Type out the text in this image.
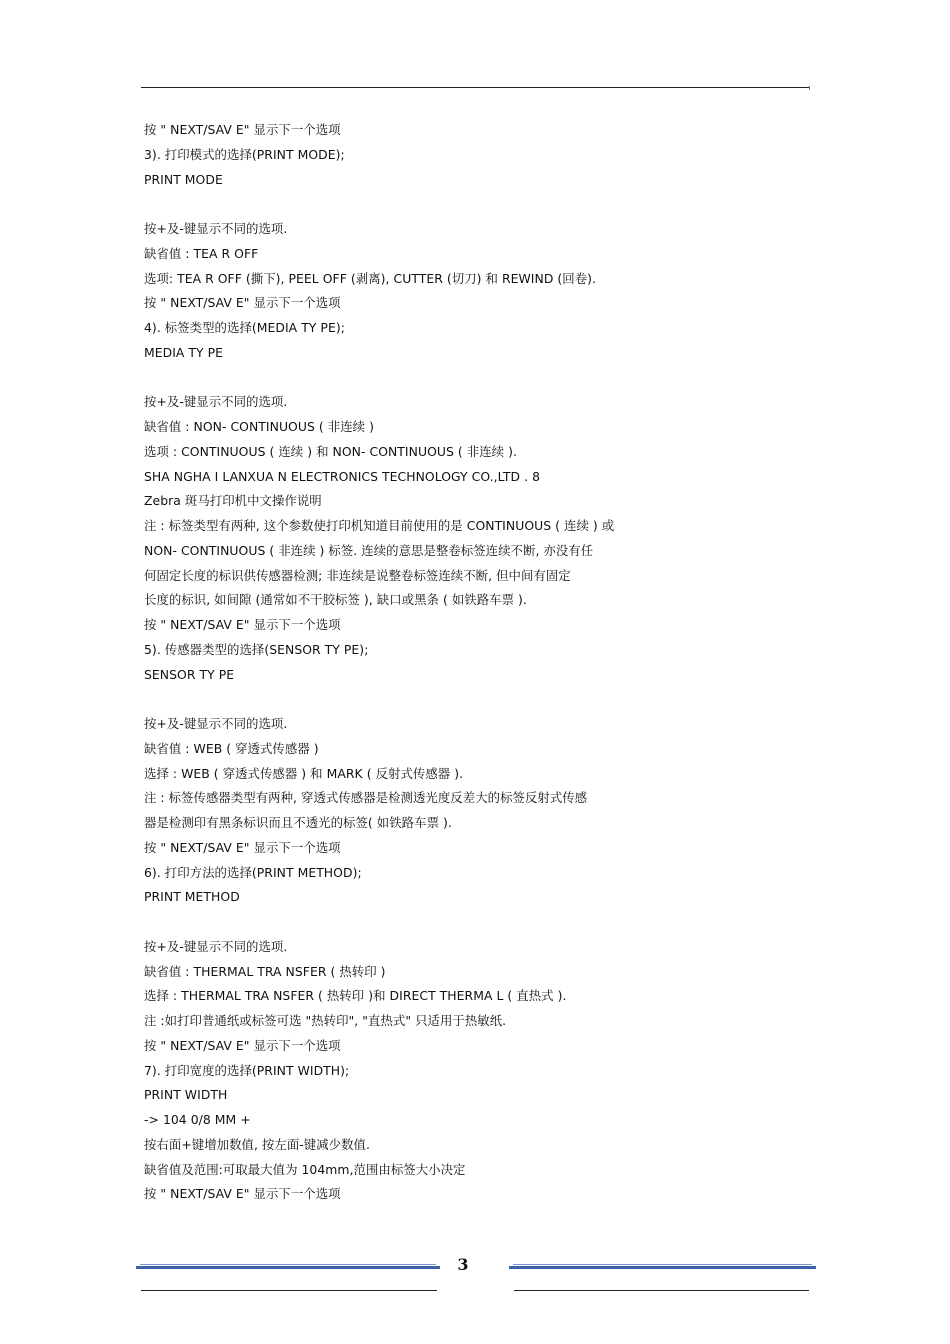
按 " NEXT/SAV E" 显示下一个选项
3). 打印模式的选择(PRINT MODE);
PRINT MODE
按+及-键显示不同的选项.
缺省值 : TEA R OFF
选项: TEA R OFF (撕下), PEEL OFF (剥离), CUTTER (切刀) 和 REWIND (回卷).
按 " NEXT/SAV E" 显示下一个选项
4). 标签类型的选择(MEDIA TY PE);
MEDIA TY PE
按+及-键显示不同的选项.
缺省值 : NON- CONTINUOUS ( 非连续 )
选项 : CONTINUOUS ( 连续 ) 和 NON- CONTINUOUS ( 非连续 ).
SHA NGHA I LANXUA N ELECTRONICS TECHNOLOGY CO.,LTD . 8
Zebra 斑马打印机中文操作说明
注 : 标签类型有两种, 这个参数使打印机知道目前使用的是 CONTINUOUS ( 连续 ) 或
NON- CONTINUOUS ( 非连续 ) 标签. 连续的意思是整卷标签连续不断, 亦没有任
何固定长度的标识供传感器检测; 非连续是说整卷标签连续不断, 但中间有固定
长度的标识, 如间隙 (通常如不干胶标签 ), 缺口或黑条 ( 如铁路车票 ).
按 " NEXT/SAV E" 显示下一个选项
5). 传感器类型的选择(SENSOR TY PE);
SENSOR TY PE
按+及-键显示不同的选项.
缺省值 : WEB ( 穿透式传感器 )
选择 : WEB ( 穿透式传感器 ) 和 MARK ( 反射式传感器 ).
注 : 标签传感器类型有两种, 穿透式传感器是检测透光度反差大的标签反射式传感
器是检测印有黑条标识而且不透光的标签( 如铁路车票 ).
按 " NEXT/SAV E" 显示下一个选项
6). 打印方法的选择(PRINT METHOD);
PRINT METHOD
按+及-键显示不同的选项.
缺省值 : THERMAL TRA NSFER ( 热转印 )
选择 : THERMAL TRA NSFER ( 热转印 )和 DIRECT THERMA L ( 直热式 ).
注 :如打印普通纸或标签可选 "热转印", "直热式" 只适用于热敏纸.
按 " NEXT/SAV E" 显示下一个选项
7). 打印宽度的选择(PRINT WIDTH);
PRINT WIDTH
-> 104 0/8 MM +
按右面+键增加数值, 按左面-键减少数值.
缺省值及范围:可取最大值为 104mm,范围由标签大小决定
按 " NEXT/SAV E" 显示下一个选项
3
